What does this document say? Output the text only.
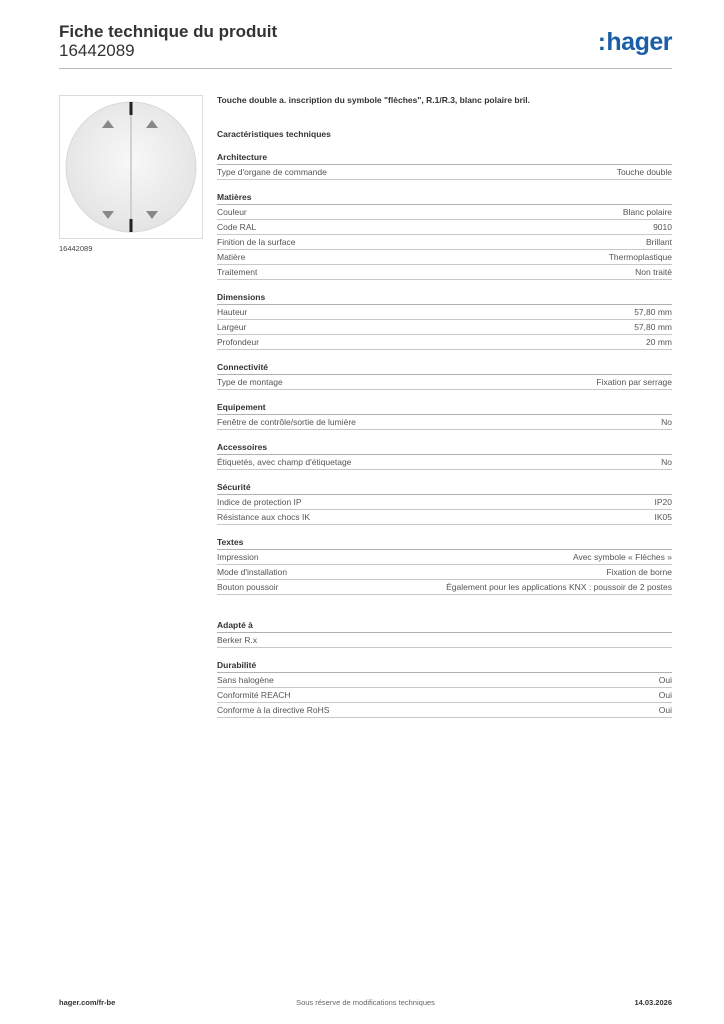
Fiche technique du produit
16442089	:hager
16442089
Touche double a. inscription du symbole "flèches", R.1/R.3, blanc polaire bril.
Caractéristiques techniques
Architecture
Type d'organe de commande	Touche double
Matières
Couleur	Blanc polaire
Code RAL	9010
Finition de la surface	Brillant
Matière	Thermoplastique
Traitement	Non traité
Dimensions
Hauteur	57,80 mm
Largeur	57,80 mm
Profondeur	20 mm
Connectivité
Type de montage	Fixation par serrage
Equipement
Fenêtre de contrôle/sortie de lumière	No
Accessoires
Étiquetés, avec champ d'étiquetage	No
Sécurité
Indice de protection IP	IP20
Résistance aux chocs IK	IK05
Textes
Impression	Avec symbole « Flèches »
Mode d'installation	Fixation de borne
Bouton poussoir	Également pour les applications KNX : poussoir de 2 postes
Adapté à
Berker R.x
Durabilité
Sans halogène	Oui
Conformité REACH	Oui
Conforme à la directive RoHS	Oui
hager.com/fr-be	Sous réserve de modifications techniques	14.03.2026
